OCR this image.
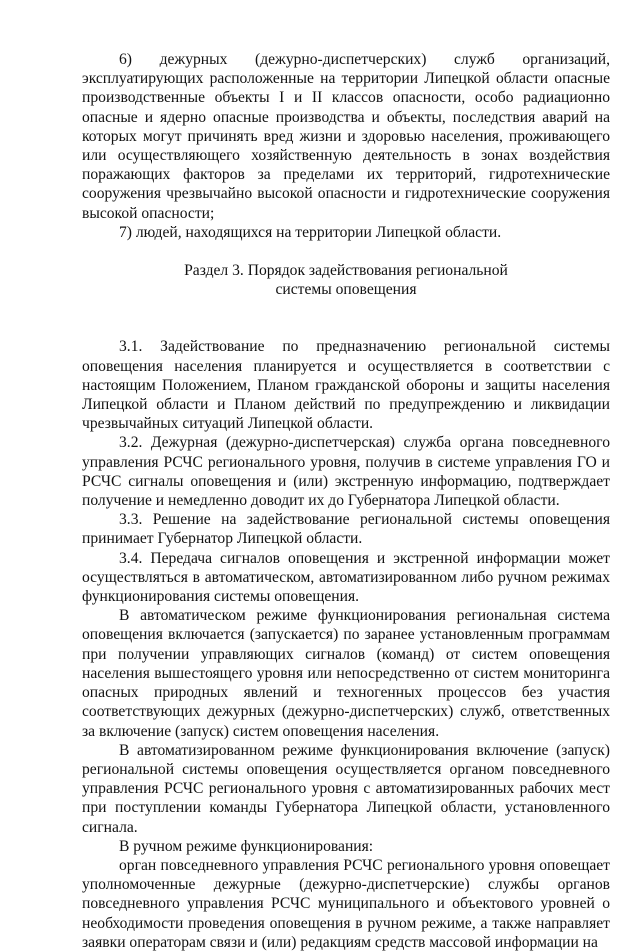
6) дежурных (дежурно-диспетчерских) служб организаций, эксплуатирующих расположенные на территории Липецкой области опасные производственные объекты I и II классов опасности, особо радиационно опасные и ядерно опасные производства и объекты, последствия аварий на которых могут причинять вред жизни и здоровью населения, проживающего или осуществляющего хозяйственную деятельность в зонах воздействия поражающих факторов за пределами их территорий, гидротехнические сооружения чрезвычайно высокой опасности и гидротехнические сооружения высокой опасности;

7) людей, находящихся на территории Липецкой области.

Раздел 3. Порядок задействования региональной
системы оповещения

3.1. Задействование по предназначению региональной системы оповещения населения планируется и осуществляется в соответствии с настоящим Положением, Планом гражданской обороны и защиты населения Липецкой области и Планом действий по предупреждению и ликвидации чрезвычайных ситуаций Липецкой области.

3.2. Дежурная (дежурно-диспетчерская) служба органа повседневного управления РСЧС регионального уровня, получив в системе управления ГО и РСЧС сигналы оповещения и (или) экстренную информацию, подтверждает получение и немедленно доводит их до Губернатора Липецкой области.

3.3. Решение на задействование региональной системы оповещения принимает Губернатор Липецкой области.

3.4. Передача сигналов оповещения и экстренной информации может осуществляться в автоматическом, автоматизированном либо ручном режимах функционирования системы оповещения.

В автоматическом режиме функционирования региональная система оповещения включается (запускается) по заранее установленным программам при получении управляющих сигналов (команд) от систем оповещения населения вышестоящего уровня или непосредственно от систем мониторинга опасных природных явлений и техногенных процессов без участия соответствующих дежурных (дежурно-диспетчерских) служб, ответственных за включение (запуск) систем оповещения населения.

В автоматизированном режиме функционирования включение (запуск) региональной системы оповещения осуществляется органом повседневного управления РСЧС регионального уровня с автоматизированных рабочих мест при поступлении команды Губернатора Липецкой области, установленного сигнала.

В ручном режиме функционирования:

орган повседневного управления РСЧС регионального уровня оповещает уполномоченные дежурные (дежурно-диспетчерские) службы органов повседневного управления РСЧС муниципального и объектового уровней о необходимости проведения оповещения в ручном режиме, а также направляет заявки операторам связи и (или) редакциям средств массовой информации на
